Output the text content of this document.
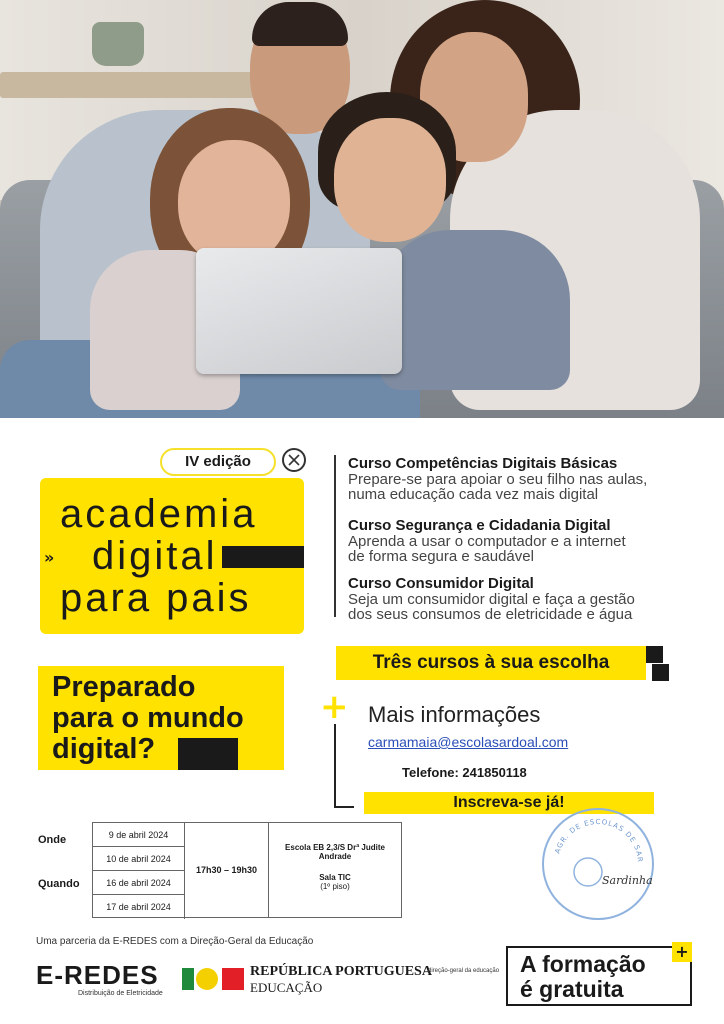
IV edição
academia
digital
para pais
»
Preparado
para o mundo
digital?
Curso Competências Digitais Básicas
Prepare-se para apoiar o seu filho nas aulas,
numa educação cada vez mais digital
Curso Segurança e Cidadania Digital
Aprenda a usar o computador e a internet
de forma segura e saudável
Curso Consumidor Digital
Seja um consumidor digital e faça a gestão
dos seus consumos de eletricidade e água
Três cursos à sua escolha
+ Mais informações
carmamaia@escolasardoal.com
Telefone: 241850118
Inscreva-se já!
Onde
Quando
9 de abril 2024
10 de abril 2024
16 de abril 2024
17 de abril 2024
17h30 – 19h30
Escola EB 2,3/S Drª Judite
Andrade
Sala TIC
(1º piso)
AGR. DE ESCOLAS DE SAR
Sardinha
Uma parceria da E-REDES com a Direção-Geral da Educação
E-REDES
Distribuição de Eletricidade
REPÚBLICA PORTUGUESA
EDUCAÇÃO
direção-geral da educação A formação
é gratuita
+
